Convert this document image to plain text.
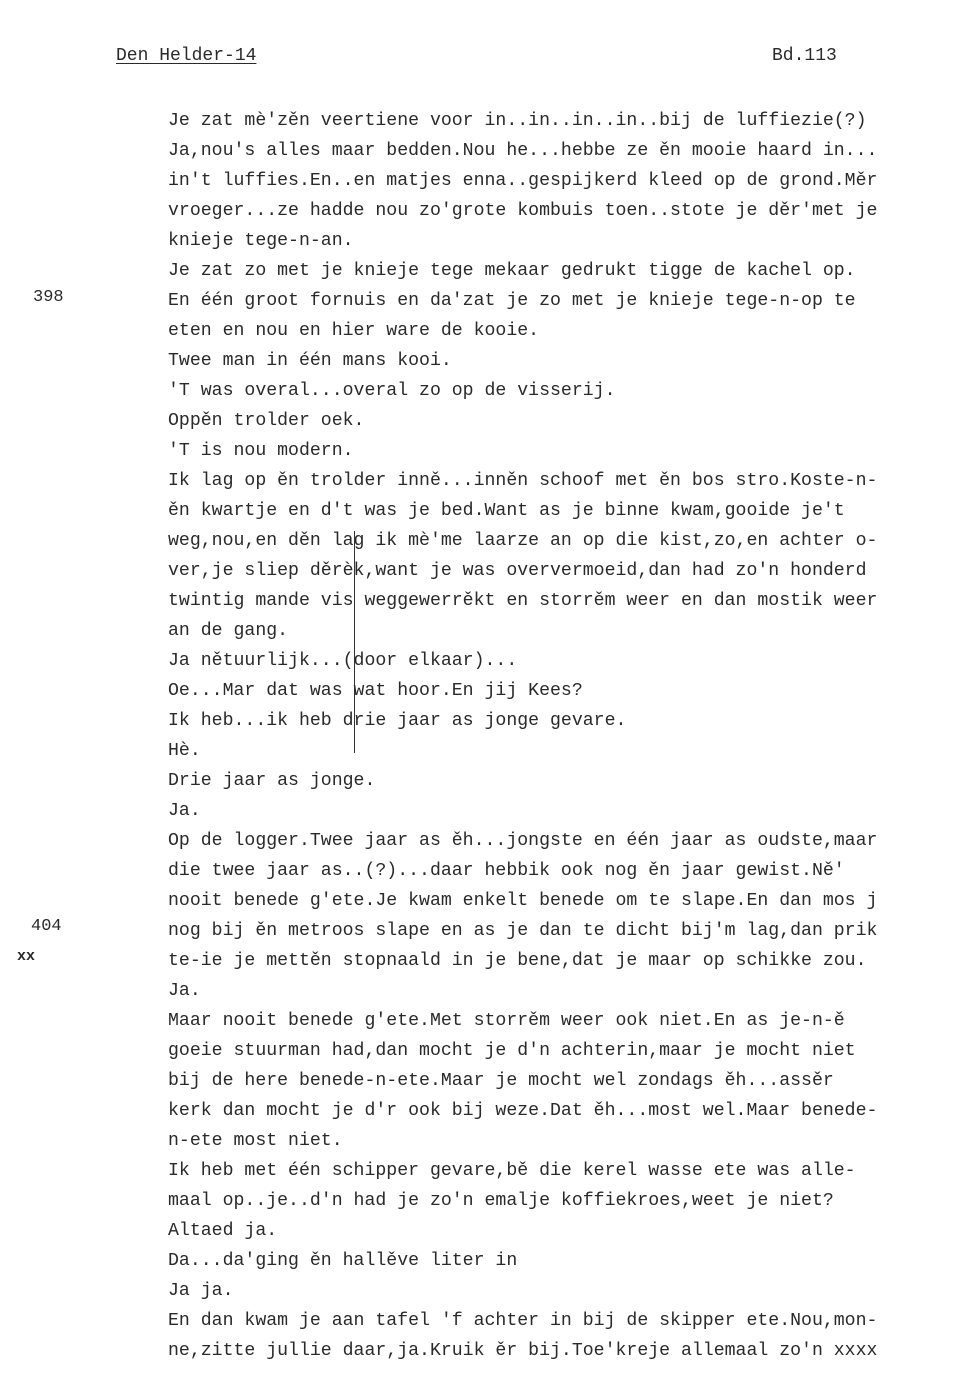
Den Helder-14	Bd.113
398
404
xx
Je zat mè'zěn veertiene voor in..in..in..in..bij de luffiezie(?)
Ja,nou's alles maar bedden.Nou he...hebbe ze ěn mooie haard in...
in't luffies.En..en matjes enna..gespijkerd kleed op de grond.Měr
vroeger...ze hadde nou zo'grote kombuis toen..stote je děr'met je
knieje tege-n-an.
Je zat zo met je knieje tege mekaar gedrukt tigge de kachel op.
En één groot fornuis en da'zat je zo met je knieje tege-n-op te
eten en nou en hier ware de kooie.
Twee man in één mans kooi.
'T was overal...overal zo op de visserij.
Oppěn trolder oek.
'T is nou modern.
Ik lag op ěn trolder inně...inněn schoof met ěn bos stro.Koste-n-
ěn kwartje en d't was je bed.Want as je binne kwam,gooide je't
weg,nou,en děn lag ik mè'me laarze an op die kist,zo,en achter o-
ver,je sliep děrèk,want je was oververmoeid,dan had zo'n honderd
twintig mande vis weggewerrěkt en storrěm weer en dan mostik weer
an de gang.
Ja nětuurlijk...(door elkaar)...
Oe...Mar dat was wat hoor.En jij Kees?
Ik heb...ik heb drie jaar as jonge gevare.
Hè.
Drie jaar as jonge.
Ja.
Op de logger.Twee jaar as ěh...jongste en één jaar as oudste,maar
die twee jaar as..(?)...daar hebbik ook nog ěn jaar gewist.Ně'
nooit benede g'ete.Je kwam enkelt benede om te slape.En dan mos j
nog bij ěn metroos slape en as je dan te dicht bij'm lag,dan prik
te-ie je mettěn stopnaald in je bene,dat je maar op schikke zou.
Ja.
Maar nooit benede g'ete.Met storrěm weer ook niet.En as je-n-ě
goeie stuurman had,dan mocht je d'n achterin,maar je mocht niet
bij de here benede-n-ete.Maar je mocht wel zondags ěh...assěr
kerk dan mocht je d'r ook bij weze.Dat ěh...most wel.Maar benede-
n-ete most niet.
Ik heb met één schipper gevare,bě die kerel wasse ete was alle-
maal op..je..d'n had je zo'n emalje koffiekroes,weet je niet?
Altaed ja.
Da...da'ging ěn hallěve liter in
Ja ja.
En dan kwam je aan tafel 'f achter in bij de skipper ete.Nou,mon-
ne,zitte jullie daar,ja.Kruik ěr bij.Toe'kreje allemaal zo'n xxxx
